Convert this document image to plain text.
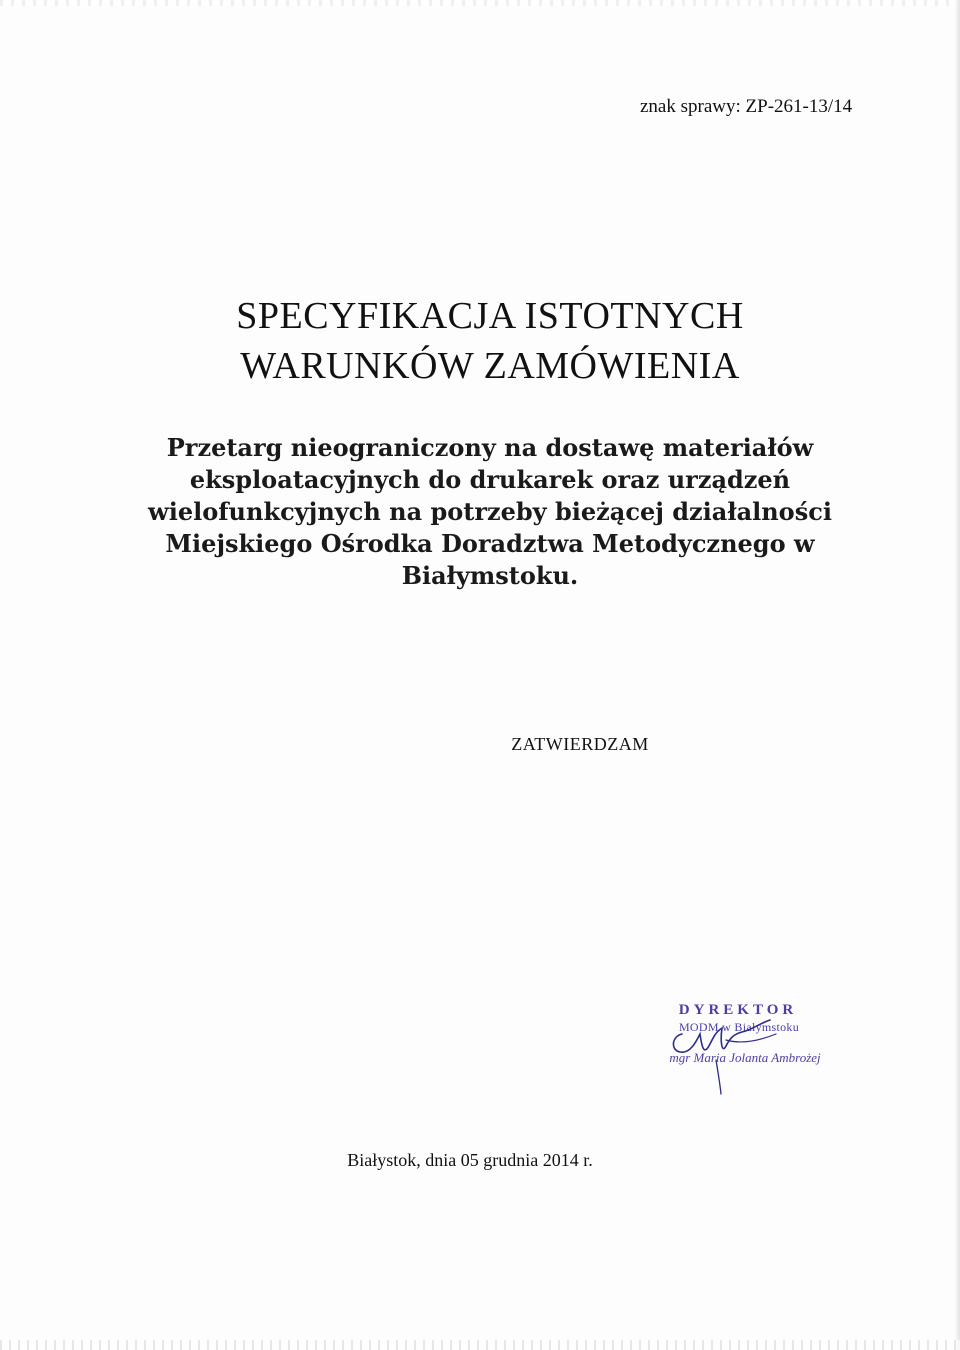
znak sprawy: ZP-261-13/14
SPECYFIKACJA ISTOTNYCH
WARUNKÓW ZAMÓWIENIA

Przetarg nieograniczony na dostawę materiałów eksploatacyjnych do drukarek oraz urządzeń wielofunkcyjnych na potrzeby bieżącej działalności Miejskiego Ośrodka Doradztwa Metodycznego w Białymstoku.

ZATWIERDZAM
DYREKTOR
MODM w Białymstoku
mgr Maria Jolanta Ambrożej
Białystok, dnia 05 grudnia 2014 r.
